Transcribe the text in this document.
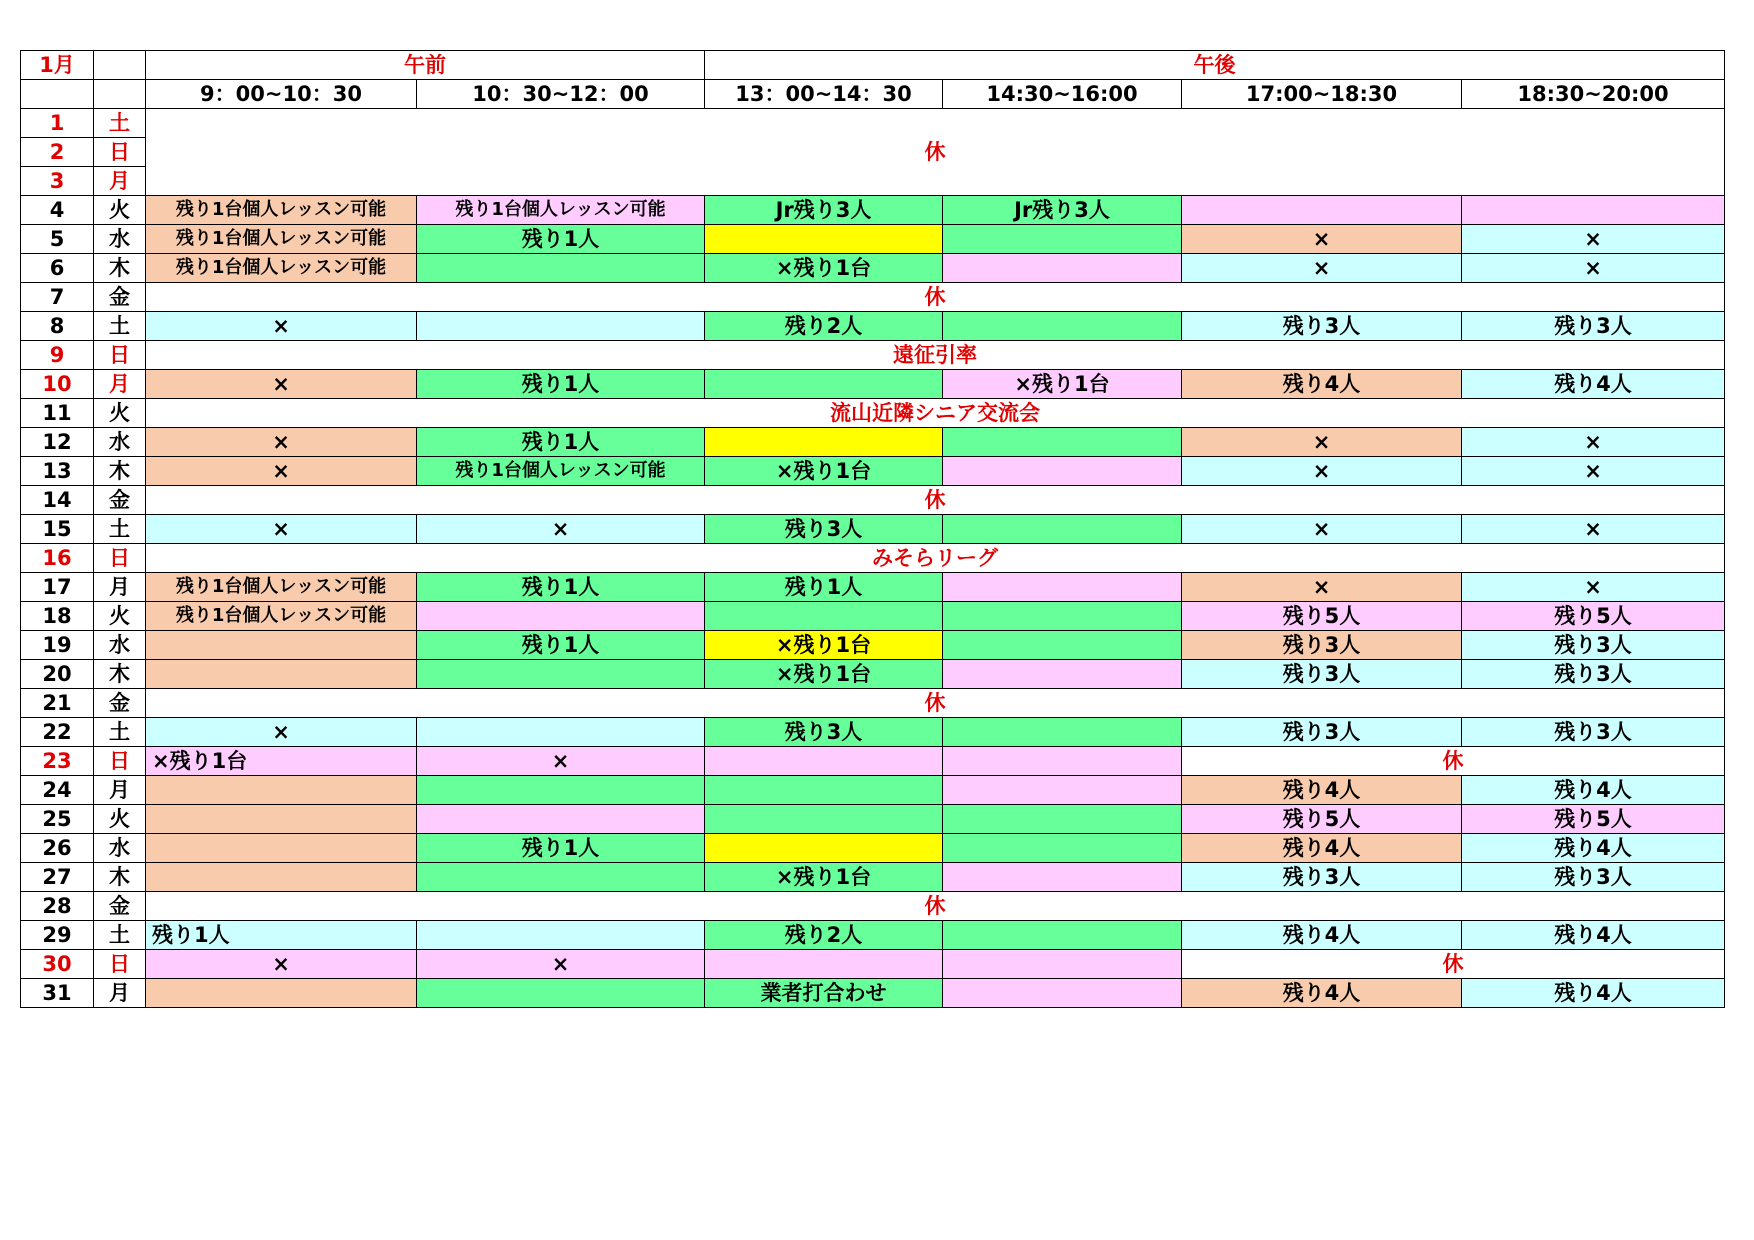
1月		午前		午後			
		9：00~10：30	10：30~12：00	13：00~14：30	14:30~16:00	17:00~18:30	18:30~20:00
1	土	休					
2	日						
3	月						
4	火	残り1台個人レッスン可能	残り1台個人レッスン可能	Jr残り3人	Jr残り3人		
5	水	残り1台個人レッスン可能	残り1人			×	×
6	木	残り1台個人レッスン可能		×残り1台		×	×
7	金	休					
8	土	×		残り2人		残り3人	残り3人
9	日	遠征引率					
10	月	×	残り1人		×残り1台	残り4人	残り4人
11	火	流山近隣シニア交流会					
12	水	×	残り1人			×	×
13	木	×	残り1台個人レッスン可能	×残り1台		×	×
14	金	休					
15	土	×	×	残り3人		×	×
16	日	みそらリーグ					
17	月	残り1台個人レッスン可能	残り1人	残り1人		×	×
18	火	残り1台個人レッスン可能				残り5人	残り5人
19	水		残り1人	×残り1台		残り3人	残り3人
20	木			×残り1台		残り3人	残り3人
21	金	休					
22	土	×		残り3人		残り3人	残り3人
23	日	×残り1台	×			休	
24	月					残り4人	残り4人
25	火					残り5人	残り5人
26	水		残り1人			残り4人	残り4人
27	木			×残り1台		残り3人	残り3人
28	金	休					
29	土	残り1人		残り2人		残り4人	残り4人
30	日	×	×			休	
31	月			業者打合わせ		残り4人	残り4人
